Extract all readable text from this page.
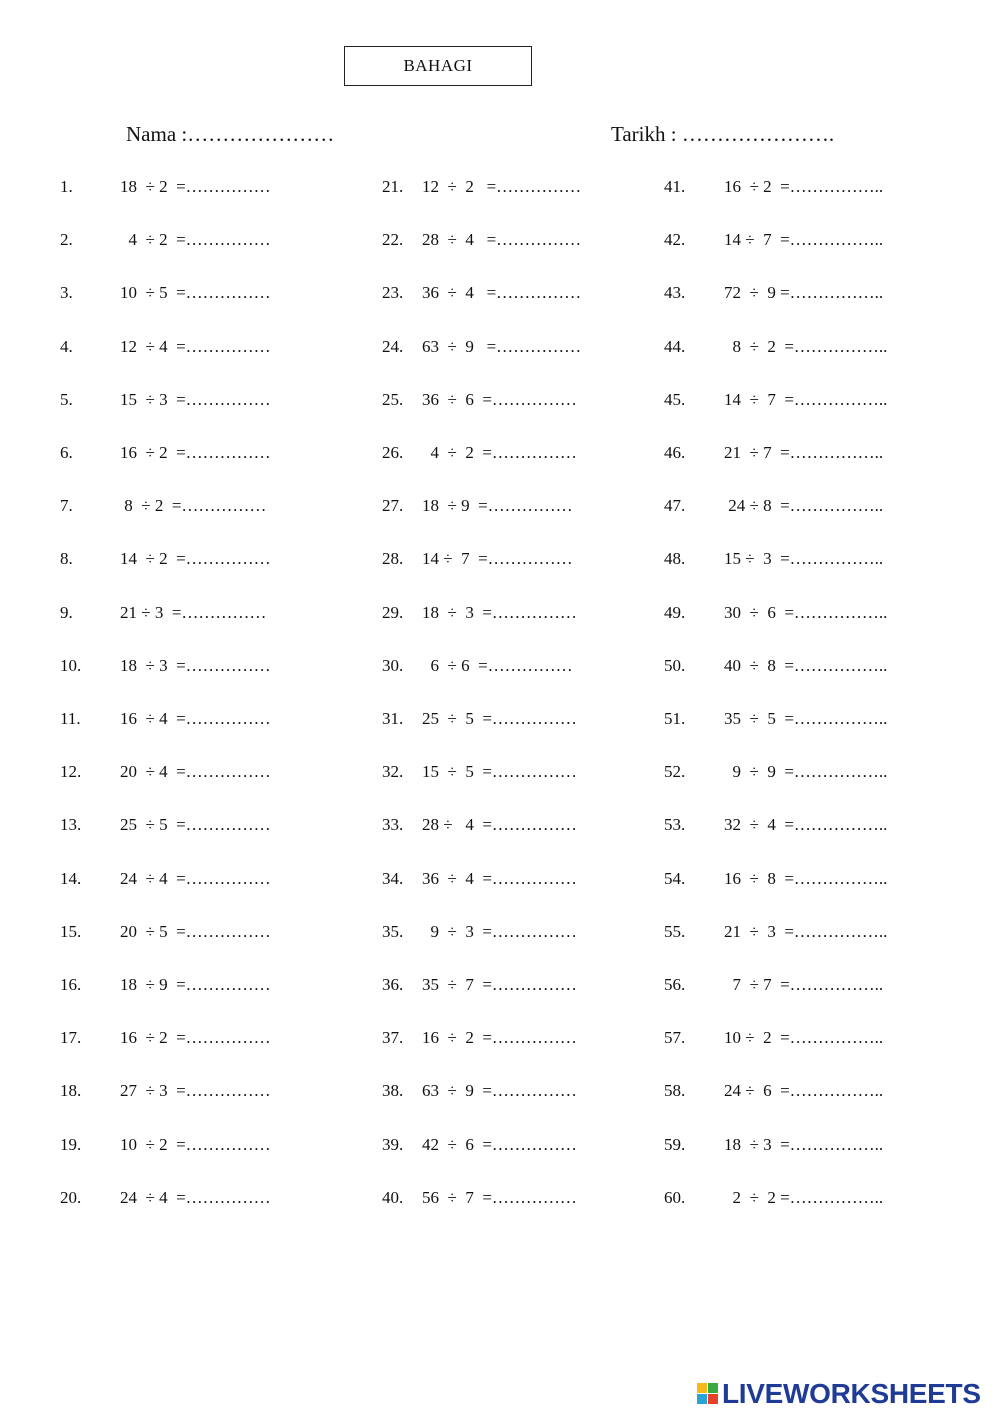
BAHAGI
Nama :…………………	Tarikh : ………………….
1.	18  ÷ 2  =……………
2.	4  ÷ 2  =……………
3.	10  ÷ 5  =……………
4.	12  ÷ 4  =……………
5.	15  ÷ 3  =……………
6.	16  ÷ 2  =……………
7.	8  ÷ 2  =……………
8.	14  ÷ 2  =……………
9.	21 ÷ 3  =……………
10. 18  ÷ 3  =……………
11. 16  ÷ 4  =……………
12. 20  ÷ 4  =……………
13. 25  ÷ 5  =……………
14. 24  ÷ 4  =……………
15. 20  ÷ 5  =……………
16. 18  ÷ 9  =……………
17. 16  ÷ 2  =……………
18. 27  ÷ 3  =……………
19. 10  ÷ 2  =……………
20. 24  ÷ 4  =……………
21. 12  ÷  2   =……………
22. 28  ÷  4   =……………
23. 36  ÷  4   =……………
24. 63  ÷  9   =……………
25. 36  ÷  6  =……………
26. 4  ÷  2  =……………
27. 18  ÷ 9  =……………
28. 14 ÷  7  =……………
29. 18  ÷  3  =……………
30. 6  ÷ 6  =……………
31. 25  ÷  5  =……………
32. 15  ÷  5  =……………
33. 28 ÷   4  =……………
34. 36  ÷  4  =……………
35. 9  ÷  3  =……………
36. 35  ÷  7  =……………
37. 16  ÷  2  =……………
38. 63  ÷  9  =……………
39. 42  ÷  6  =……………
40. 56  ÷  7  =……………
41. 16  ÷ 2  =……………..
42. 14 ÷  7  =……………..
43. 72  ÷  9 =……………..
44. 8  ÷  2  =……………..
45. 14  ÷  7  =……………..
46. 21  ÷ 7  =……………..
47. 24 ÷ 8  =……………..
48. 15 ÷  3  =……………..
49. 30  ÷  6  =……………..
50. 40  ÷  8  =……………..
51. 35  ÷  5  =……………..
52. 9  ÷  9  =……………..
53. 32  ÷  4  =……………..
54. 16  ÷  8  =……………..
55. 21  ÷  3  =……………..
56. 7  ÷ 7  =……………..
57. 10 ÷  2  =……………..
58. 24 ÷  6  =……………..
59. 18  ÷ 3  =……………..
60. 2  ÷  2 =……………..
LIVEWORKSHEETS
